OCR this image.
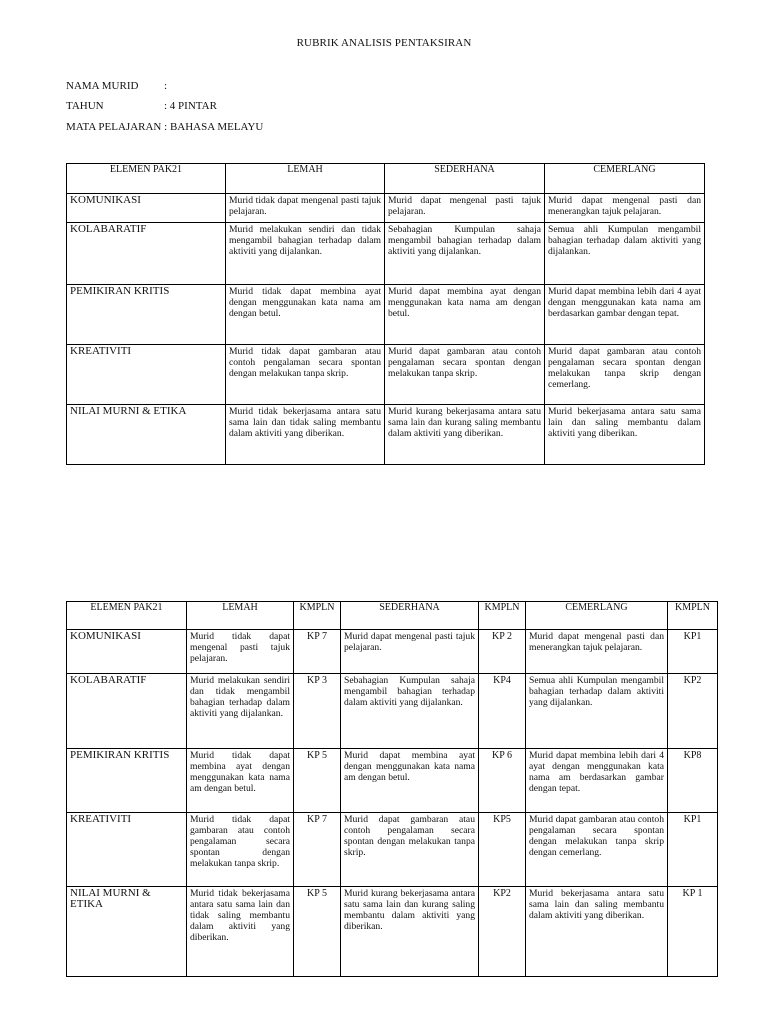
RUBRIK ANALISIS PENTAKSIRAN
NAMA MURID :
TAHUN	: 4 PINTAR
MATA PELAJARAN : BAHASA MELAYU
ELEMEN PAK21	LEMAH	SEDERHANA	CEMERLANG
KOMUNIKASI	Murid tidak dapat mengenal pasti tajuk pelajaran.	Murid dapat mengenal pasti tajuk pelajaran.	Murid dapat mengenal pasti dan menerangkan tajuk pelajaran.
KOLABARATIF	Murid melakukan sendiri dan tidak mengambil bahagian terhadap dalam aktiviti yang dijalankan.	Sebahagian Kumpulan sahaja mengambil bahagian terhadap dalam aktiviti yang dijalankan.	Semua ahli Kumpulan mengambil bahagian terhadap dalam aktiviti yang dijalankan.
PEMIKIRAN KRITIS	Murid tidak dapat membina ayat dengan menggunakan kata nama am dengan betul.	Murid dapat membina ayat dengan menggunakan kata nama am dengan betul.	Murid dapat membina lebih dari 4 ayat dengan menggunakan kata nama am berdasarkan gambar dengan tepat.
KREATIVITI	Murid tidak dapat gambaran atau contoh pengalaman secara spontan dengan melakukan tanpa skrip.	Murid dapat gambaran atau contoh pengalaman secara spontan dengan melakukan tanpa skrip.	Murid dapat gambaran atau contoh pengalaman secara spontan dengan melakukan tanpa skrip dengan cemerlang.
NILAI MURNI & ETIKA	Murid tidak bekerjasama antara satu sama lain dan tidak saling membantu dalam aktiviti yang diberikan.	Murid kurang bekerjasama antara satu sama lain dan kurang saling membantu dalam aktiviti yang diberikan.	Murid bekerjasama antara satu sama lain dan saling membantu dalam aktiviti yang diberikan.
ELEMEN PAK21	LEMAH	KMPLN	SEDERHANA	KMPLN	CEMERLANG	KMPLN
KOMUNIKASI	Murid tidak dapat mengenal pasti tajuk pelajaran.	KP 7	Murid dapat mengenal pasti tajuk pelajaran.	KP 2	Murid dapat mengenal pasti dan menerangkan tajuk pelajaran.	KP1
KOLABARATIF	Murid melakukan sendiri dan tidak mengambil bahagian terhadap dalam aktiviti yang dijalankan.	KP 3	Sebahagian Kumpulan sahaja mengambil bahagian terhadap dalam aktiviti yang dijalankan.	KP4	Semua ahli Kumpulan mengambil bahagian terhadap dalam aktiviti yang dijalankan.	KP2
PEMIKIRAN KRITIS	Murid tidak dapat membina ayat dengan menggunakan kata nama am dengan betul.	KP 5	Murid dapat membina ayat dengan menggunakan kata nama am dengan betul.	KP 6	Murid dapat membina lebih dari 4 ayat dengan menggunakan kata nama am berdasarkan gambar dengan tepat.	KP8
KREATIVITI	Murid tidak dapat gambaran atau contoh pengalaman secara spontan dengan melakukan tanpa skrip.	KP 7	Murid dapat gambaran atau contoh pengalaman secara spontan dengan melakukan tanpa skrip.	KP5	Murid dapat gambaran atau contoh pengalaman secara spontan dengan melakukan tanpa skrip dengan cemerlang.	KP1
NILAI MURNI & ETIKA	Murid tidak bekerjasama antara satu sama lain dan tidak saling membantu dalam aktiviti yang diberikan.	KP 5	Murid kurang bekerjasama antara satu sama lain dan kurang saling membantu dalam aktiviti yang diberikan.	KP2	Murid bekerjasama antara satu sama lain dan saling membantu dalam aktiviti yang diberikan.	KP 1
